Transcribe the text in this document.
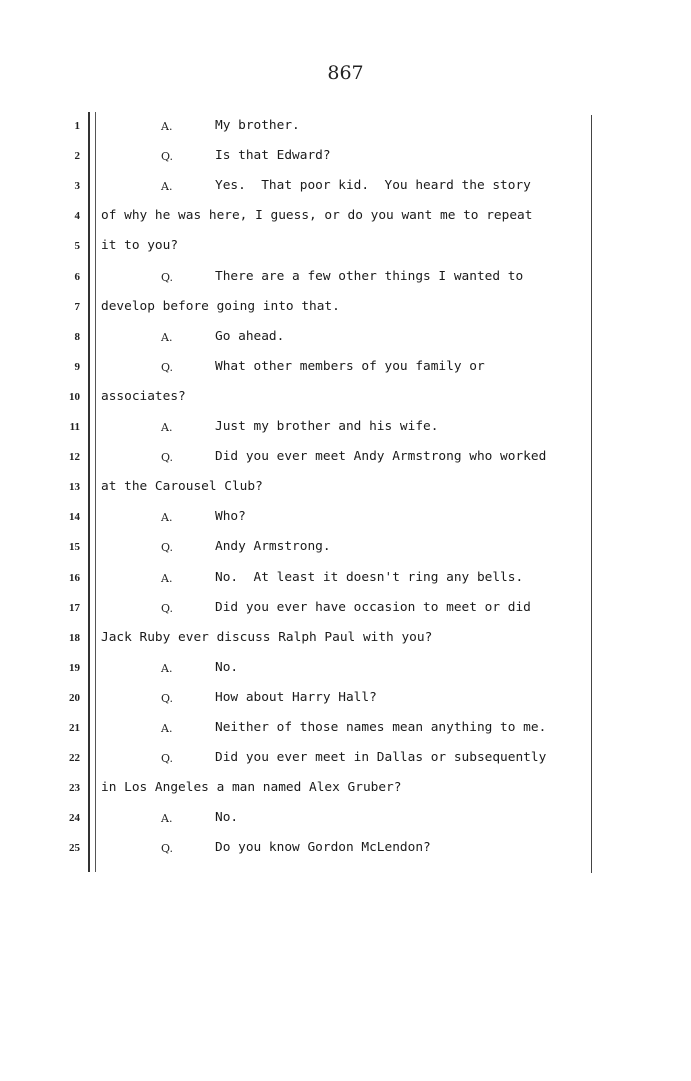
867
1	A.	My brother.
2	Q.	Is that Edward?
3	A.	Yes.  That poor kid.  You heard the story
4 of why he was here, I guess, or do you want me to repeat
5 it to you?
6	Q.	There are a few other things I wanted to
7 develop before going into that.
8	A.	Go ahead.
9	Q.	What other members of you family or
10 associates?
11	A.	Just my brother and his wife.
12	Q.	Did you ever meet Andy Armstrong who worked
13 at the Carousel Club?
14	A.	Who?
15	Q.	Andy Armstrong.
16	A.	No.  At least it doesn't ring any bells.
17	Q.	Did you ever have occasion to meet or did
18 Jack Ruby ever discuss Ralph Paul with you?
19	A.	No.
20	Q.	How about Harry Hall?
21	A.	Neither of those names mean anything to me.
22	Q.	Did you ever meet in Dallas or subsequently
23 in Los Angeles a man named Alex Gruber?
24	A.	No.
25	Q.	Do you know Gordon McLendon?
